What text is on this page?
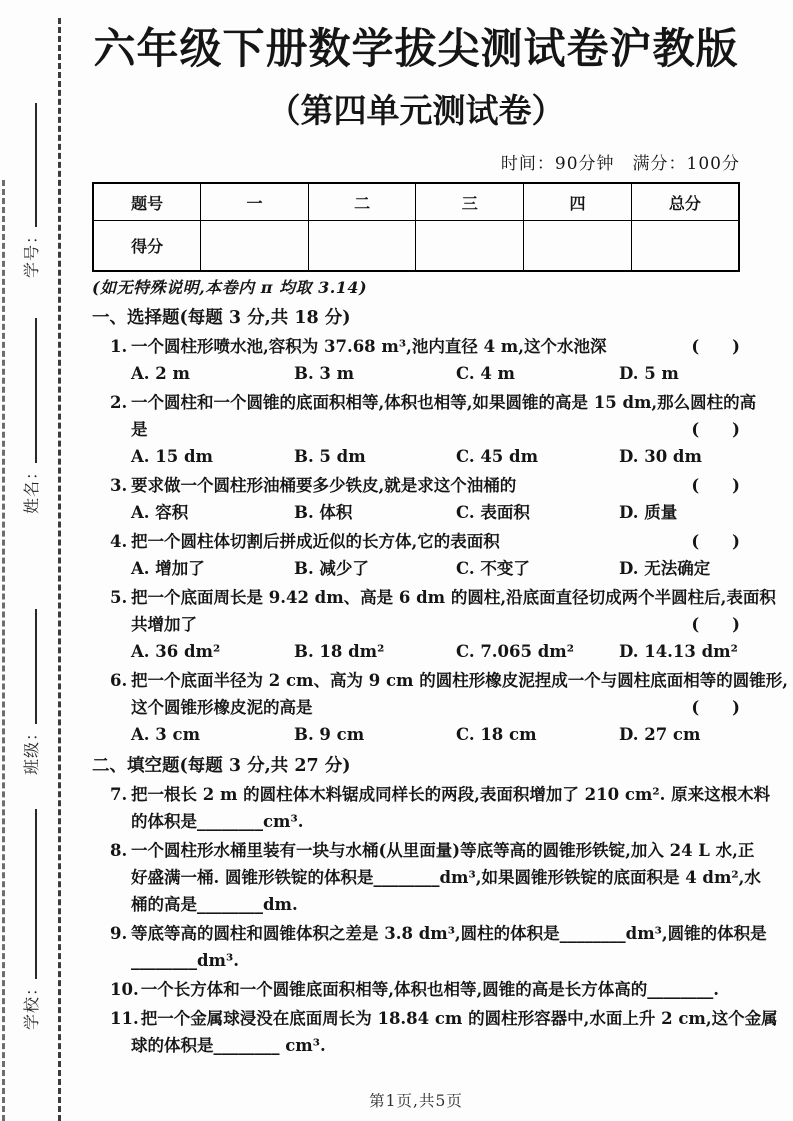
学校：
班级：
姓名：
学号：
六年级下册数学拔尖测试卷沪教版
（第四单元测试卷）
时间：90分钟　满分：100分
题号	一	二	三	四	总分
得分					
(如无特殊说明,本卷内 π 均取 3.14)
一、选择题(每题 3 分,共 18 分)
1. 一个圆柱形喷水池,容积为 37.68 m³,池内直径 4 m,这个水池深	(　　)
A. 2 m	B. 3 m	C. 4 m	D. 5 m
2. 一个圆柱和一个圆锥的底面积相等,体积也相等,如果圆锥的高是 15 dm,那么圆柱的高
是	(　　)
A. 15 dm	B. 5 dm	C. 45 dm	D. 30 dm
3. 要求做一个圆柱形油桶要多少铁皮,就是求这个油桶的	(　　)
A. 容积	B. 体积	C. 表面积	D. 质量
4. 把一个圆柱体切割后拼成近似的长方体,它的表面积	(　　)
A. 增加了	B. 减少了	C. 不变了	D. 无法确定
5. 把一个底面周长是 9.42 dm、高是 6 dm 的圆柱,沿底面直径切成两个半圆柱后,表面积
共增加了	(　　)
A. 36 dm²	B. 18 dm²	C. 7.065 dm²	D. 14.13 dm²
6. 把一个底面半径为 2 cm、高为 9 cm 的圆柱形橡皮泥捏成一个与圆柱底面相等的圆锥形,
这个圆锥形橡皮泥的高是	(　　)
A. 3 cm	B. 9 cm	C. 18 cm	D. 27 cm
二、填空题(每题 3 分,共 27 分)
7. 把一根长 2 m 的圆柱体木料锯成同样长的两段,表面积增加了 210 cm². 原来这根木料
的体积是________cm³.
8. 一个圆柱形水桶里装有一块与水桶(从里面量)等底等高的圆锥形铁锭,加入 24 L 水,正
好盛满一桶. 圆锥形铁锭的体积是________dm³,如果圆锥形铁锭的底面积是 4 dm²,水
桶的高是________dm.
9. 等底等高的圆柱和圆锥体积之差是 3.8 dm³,圆柱的体积是________dm³,圆锥的体积是
________dm³.
10. 一个长方体和一个圆锥底面积相等,体积也相等,圆锥的高是长方体高的________.
11. 把一个金属球浸没在底面周长为 18.84 cm 的圆柱形容器中,水面上升 2 cm,这个金属
球的体积是________ cm³.
第1页,共5页
